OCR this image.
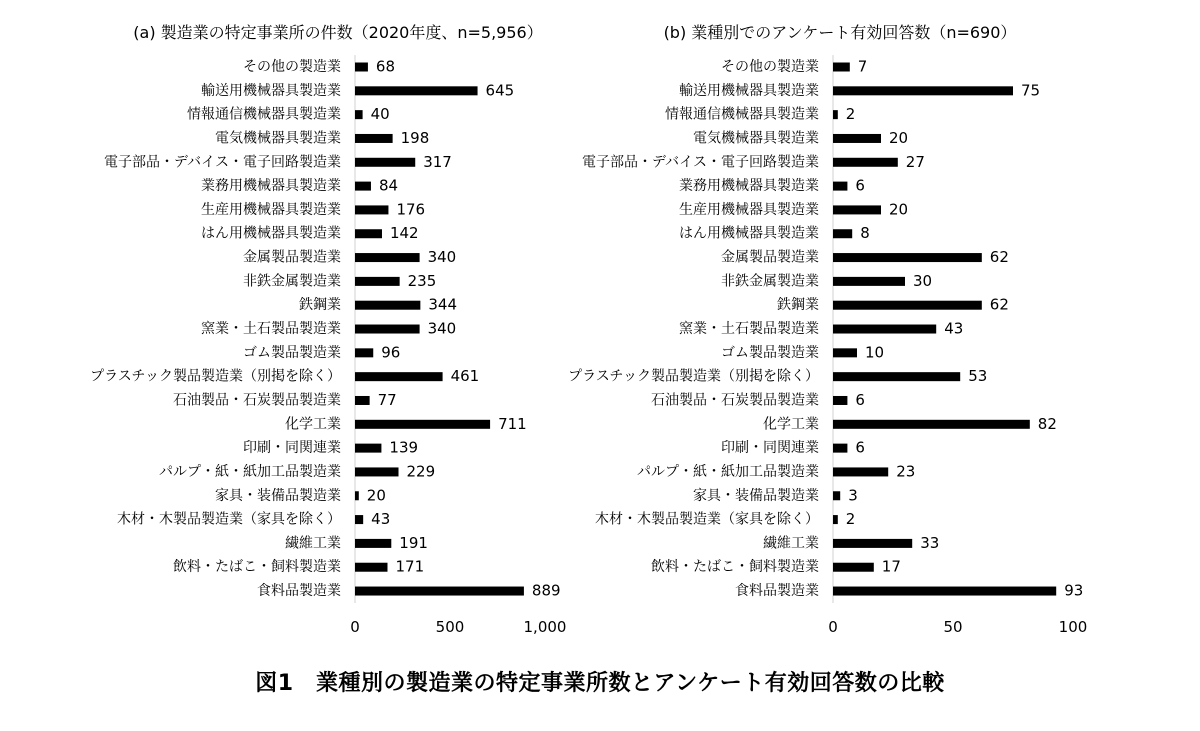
(a) 製造業の特定事業所の件数（2020年度、n=5,956）
その他の製造業 68
輸送用機械器具製造業	645
情報通信機械器具製造業 40
電気機械器具製造業	198
電子部品・デバイス・電子回路製造業	317
業務用機械器具製造業	84
生産用機械器具製造業	176
はん用機械器具製造業	142
金属製品製造業	340
非鉄金属製造業	235
鉄鋼業	344
窯業・土石製品製造業	340
ゴム製品製造業	96
プラスチック製品製造業（別掲を除く）	461
石油製品・石炭製品製造業 77
化学工業	711
印刷・同関連業	139
パルプ・紙・紙加工品製造業	229
家具・装備品製造業 20
木材・木製品製造業（家具を除く） 43
繊維工業	191
飲料・たばこ・飼料製造業	171
食料品製造業	889
0	500	1,000
(b) 業種別でのアンケート有効回答数（n=690）
その他の製造業	7
輸送用機械器具製造業	75
情報通信機械器具製造業 2
電気機械器具製造業	20
電子部品・デバイス・電子回路製造業	27
業務用機械器具製造業 6
生産用機械器具製造業	20
はん用機械器具製造業	8
金属製品製造業	62
非鉄金属製造業	30
鉄鋼業	62
窯業・土石製品製造業	43
ゴム製品製造業	10
プラスチック製品製造業（別掲を除く）	53
石油製品・石炭製品製造業 6
化学工業	82
印刷・同関連業 6
パルプ・紙・紙加工品製造業	23
家具・装備品製造業 3
木材・木製品製造業（家具を除く） 2
繊維工業	33
飲料・たばこ・飼料製造業	17
食料品製造業	93
0	50	100
図1　業種別の製造業の特定事業所数とアンケート有効回答数の比較
